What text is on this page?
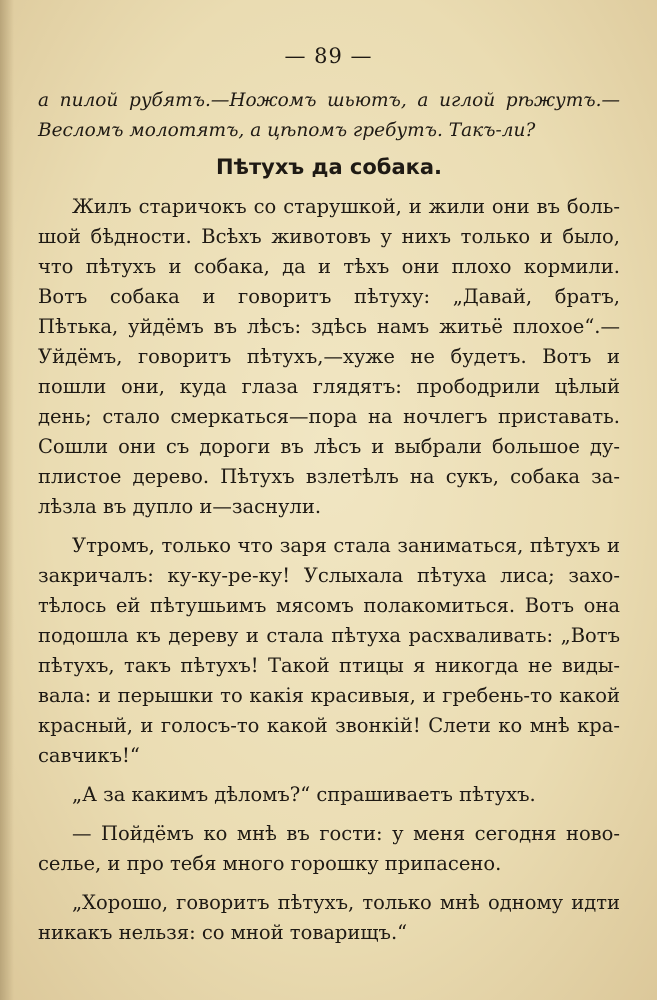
— 89 —
а пилой рубятъ.—Ножомъ шьютъ, а иглой рѣжутъ.—
Весломъ молотятъ, а цѣпомъ гребутъ. Такъ-ли?
Пѣтухъ да собака.
Жилъ старичокъ со старушкой, и жили они въ боль-
шой бѣдности. Всѣхъ животовъ у нихъ только и было,
что пѣтухъ и собака, да и тѣхъ они плохо кормили.
Вотъ собака и говоритъ пѣтуху: „Давай, братъ,
Пѣтька, уйдёмъ въ лѣсъ: здѣсь намъ житьё плохое“.—
Уйдёмъ, говоритъ пѣтухъ,—хуже не будетъ. Вотъ и
пошли они, куда глаза глядятъ: прободрили цѣлый
день; стало смеркаться—пора на ночлегъ приставать.
Сошли они съ дороги въ лѣсъ и выбрали большое ду-
плистое дерево. Пѣтухъ взлетѣлъ на сукъ, собака за-
лѣзла въ дупло и—заснули.
Утромъ, только что заря стала заниматься, пѣтухъ и
закричалъ: ку-ку-ре-ку! Услыхала пѣтуха лиса; захо-
тѣлось ей пѣтушьимъ мясомъ полакомиться. Вотъ она
подошла къ дереву и стала пѣтуха расхваливать: „Вотъ
пѣтухъ, такъ пѣтухъ! Такой птицы я никогда не виды-
вала: и перышки то какія красивыя, и гребень-то какой
красный, и голосъ-то какой звонкій! Слети ко мнѣ кра-
савчикъ!“
„А за какимъ дѣломъ?“ спрашиваетъ пѣтухъ.
— Пойдёмъ ко мнѣ въ гости: у меня сегодня ново-
селье, и про тебя много горошку припасено.
„Хорошо, говоритъ пѣтухъ, только мнѣ одному идти
никакъ нельзя: со мной товарищъ.“
